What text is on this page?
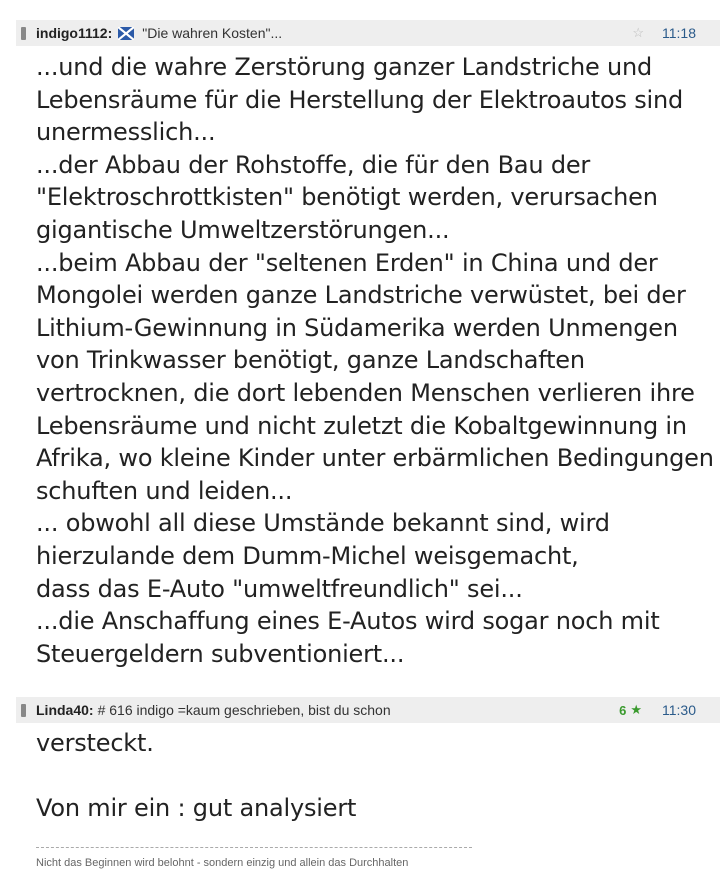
indigo1112: "Die wahren Kosten"...	☆ 11:18
...und die wahre Zerstörung ganzer Landstriche und
Lebensräume für die Herstellung der Elektroautos sind
unermesslich...
...der Abbau der Rohstoffe, die für den Bau der
"Elektroschrottkisten" benötigt werden, verursachen
gigantische Umweltzerstörungen...
...beim Abbau der "seltenen Erden" in China und der
Mongolei werden ganze Landstriche verwüstet, bei der
Lithium-Gewinnung in Südamerika werden Unmengen
von Trinkwasser benötigt, ganze Landschaften
vertrocknen, die dort lebenden Menschen verlieren ihre
Lebensräume und nicht zuletzt die Kobaltgewinnung in
Afrika, wo kleine Kinder unter erbärmlichen Bedingungen
schuften und leiden...
... obwohl all diese Umstände bekannt sind, wird
hierzulande dem Dumm-Michel weisgemacht,
dass das E-Auto "umweltfreundlich" sei...
...die Anschaffung eines E-Autos wird sogar noch mit
Steuergeldern subventioniert...
Linda40: # 616 indigo =kaum geschrieben, bist du schon	6 ★ 11:30
versteckt.
Von mir ein : gut analysiert
Nicht das Beginnen wird belohnt - sondern einzig und allein das Durchhalten
